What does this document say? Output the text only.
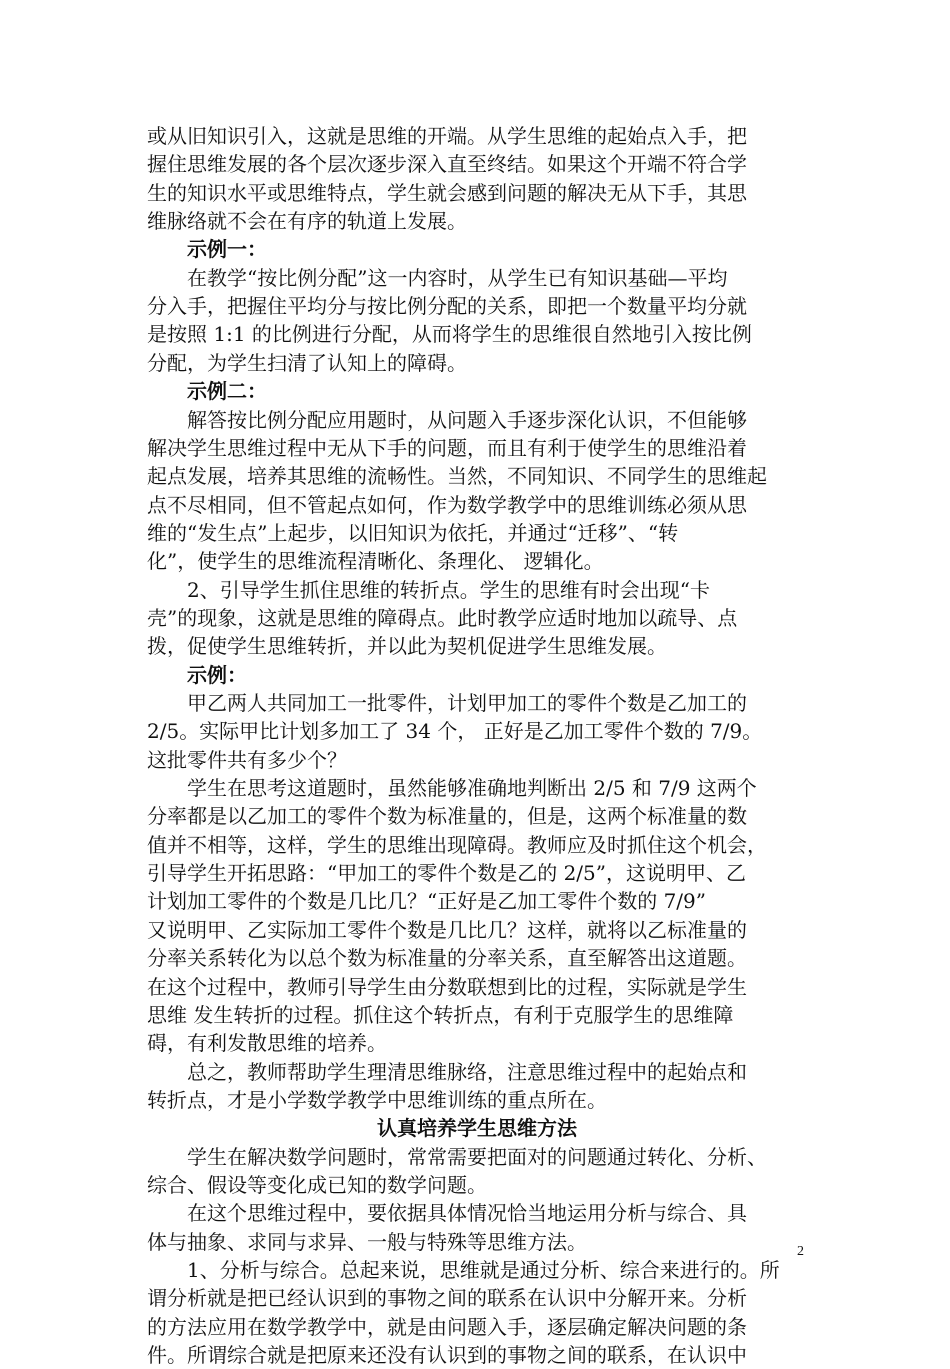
或从旧知识引入，这就是思维的开端。从学生思维的起始点入手，把
握住思维发展的各个层次逐步深入直至终结。如果这个开端不符合学
生的知识水平或思维特点，学生就会感到问题的解决无从下手，其思
维脉络就不会在有序的轨道上发展。
示例一：
在教学“按比例分配”这一内容时，从学生已有知识基础—平均
分入手，把握住平均分与按比例分配的关系，即把一个数量平均分就
是按照 1:1 的比例进行分配，从而将学生的思维很自然地引入按比例
分配，为学生扫清了认知上的障碍。
示例二：
解答按比例分配应用题时，从问题入手逐步深化认识，不但能够
解决学生思维过程中无从下手的问题，而且有利于使学生的思维沿着
起点发展，培养其思维的流畅性。当然，不同知识、不同学生的思维起
点不尽相同，但不管起点如何，作为数学教学中的思维训练必须从思
维的“发生点”上起步，以旧知识为依托，并通过“迁移”、“转
化”，使学生的思维流程清晰化、条理化、 逻辑化。
2、引导学生抓住思维的转折点。学生的思维有时会出现“卡
壳”的现象，这就是思维的障碍点。此时教学应适时地加以疏导、点
拨，促使学生思维转折，并以此为契机促进学生思维发展。
示例：
甲乙两人共同加工一批零件，计划甲加工的零件个数是乙加工的
2/5。实际甲比计划多加工了 34 个， 正好是乙加工零件个数的 7/9。
这批零件共有多少个？
学生在思考这道题时，虽然能够准确地判断出 2/5 和 7/9 这两个
分率都是以乙加工的零件个数为标准量的，但是，这两个标准量的数
值并不相等，这样，学生的思维出现障碍。教师应及时抓住这个机会，
引导学生开拓思路：“甲加工的零件个数是乙的 2/5”，这说明甲、乙
计划加工零件的个数是几比几？“正好是乙加工零件个数的 7/9”
又说明甲、乙实际加工零件个数是几比几？这样，就将以乙标准量的
分率关系转化为以总个数为标准量的分率关系，直至解答出这道题。
在这个过程中，教师引导学生由分数联想到比的过程，实际就是学生
思维 发生转折的过程。抓住这个转折点，有利于克服学生的思维障
碍，有利发散思维的培养。
总之，教师帮助学生理清思维脉络，注意思维过程中的起始点和
转折点，才是小学数学教学中思维训练的重点所在。
认真培养学生思维方法
学生在解决数学问题时，常常需要把面对的问题通过转化、分析、
综合、假设等变化成已知的数学问题。
在这个思维过程中，要依据具体情况恰当地运用分析与综合、具
体与抽象、求同与求异、一般与特殊等思维方法。
1、分析与综合。总起来说，思维就是通过分析、综合来进行的。所
谓分析就是把已经认识到的事物之间的联系在认识中分解开来。分析
的方法应用在数学教学中，就是由问题入手，逐层确定解决问题的条
件。所谓综合就是把原来还没有认识到的事物之间的联系，在认识中
2
